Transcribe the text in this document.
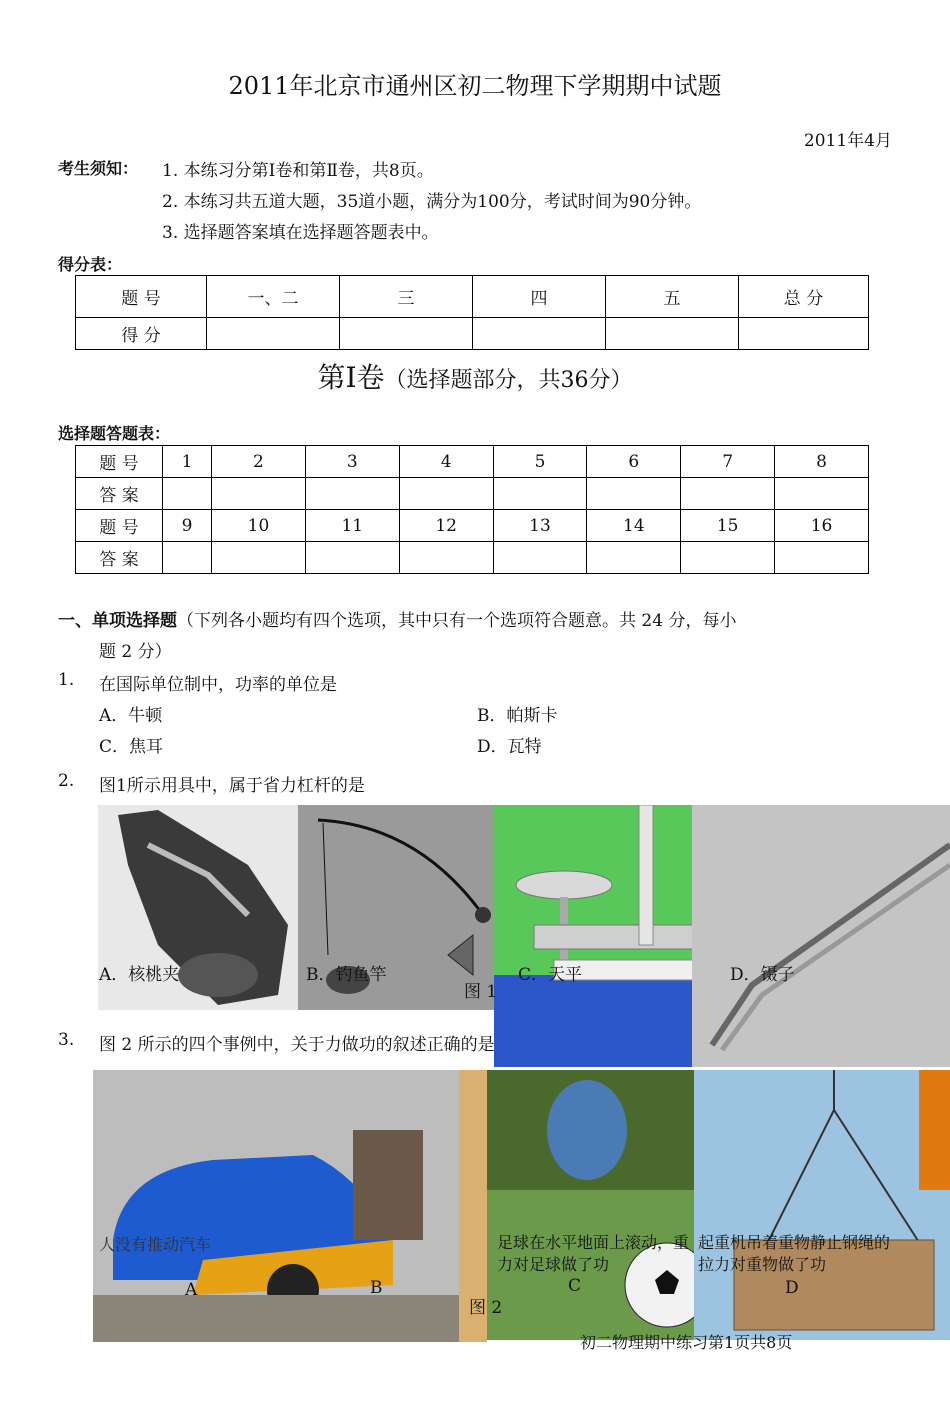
2011年北京市通州区初二物理下学期期中试题
2011年4月
考生须知： 1. 本练习分第Ⅰ卷和第Ⅱ卷，共8页。
2. 本练习共五道大题，35道小题，满分为100分，考试时间为90分钟。
3. 选择题答案填在选择题答题表中。
得分表：
题 号	一、二	三	四	五	总 分
得 分					
第Ⅰ卷（选择题部分，共36分）
选择题答题表：
题 号	1	2	3	4	5	6	7	8
答 案								
题 号	9	10	11	12	13	14	15	16
答 案								
一、单项选择题（下列各小题均有四个选项，其中只有一个选项符合题意。共 24 分，每小
题 2 分）
1. 在国际单位制中，功率的单位是
A．牛顿	B．帕斯卡
C．焦耳	D．瓦特
2. 图1所示用具中，属于省力杠杆的是
A．核桃夹	B．钓鱼竿	C．天平	D．镊子
图 1
3. 图 2 所示的四个事例中，关于力做功的叙述正确的是
人没有推动汽车	足球在水平地面上滚动，重力对足球做了功
起重机吊着重物静止钢绳的拉力对重物做了功
A	B	C	D
图 2
初二物理期中练习第1页共8页
